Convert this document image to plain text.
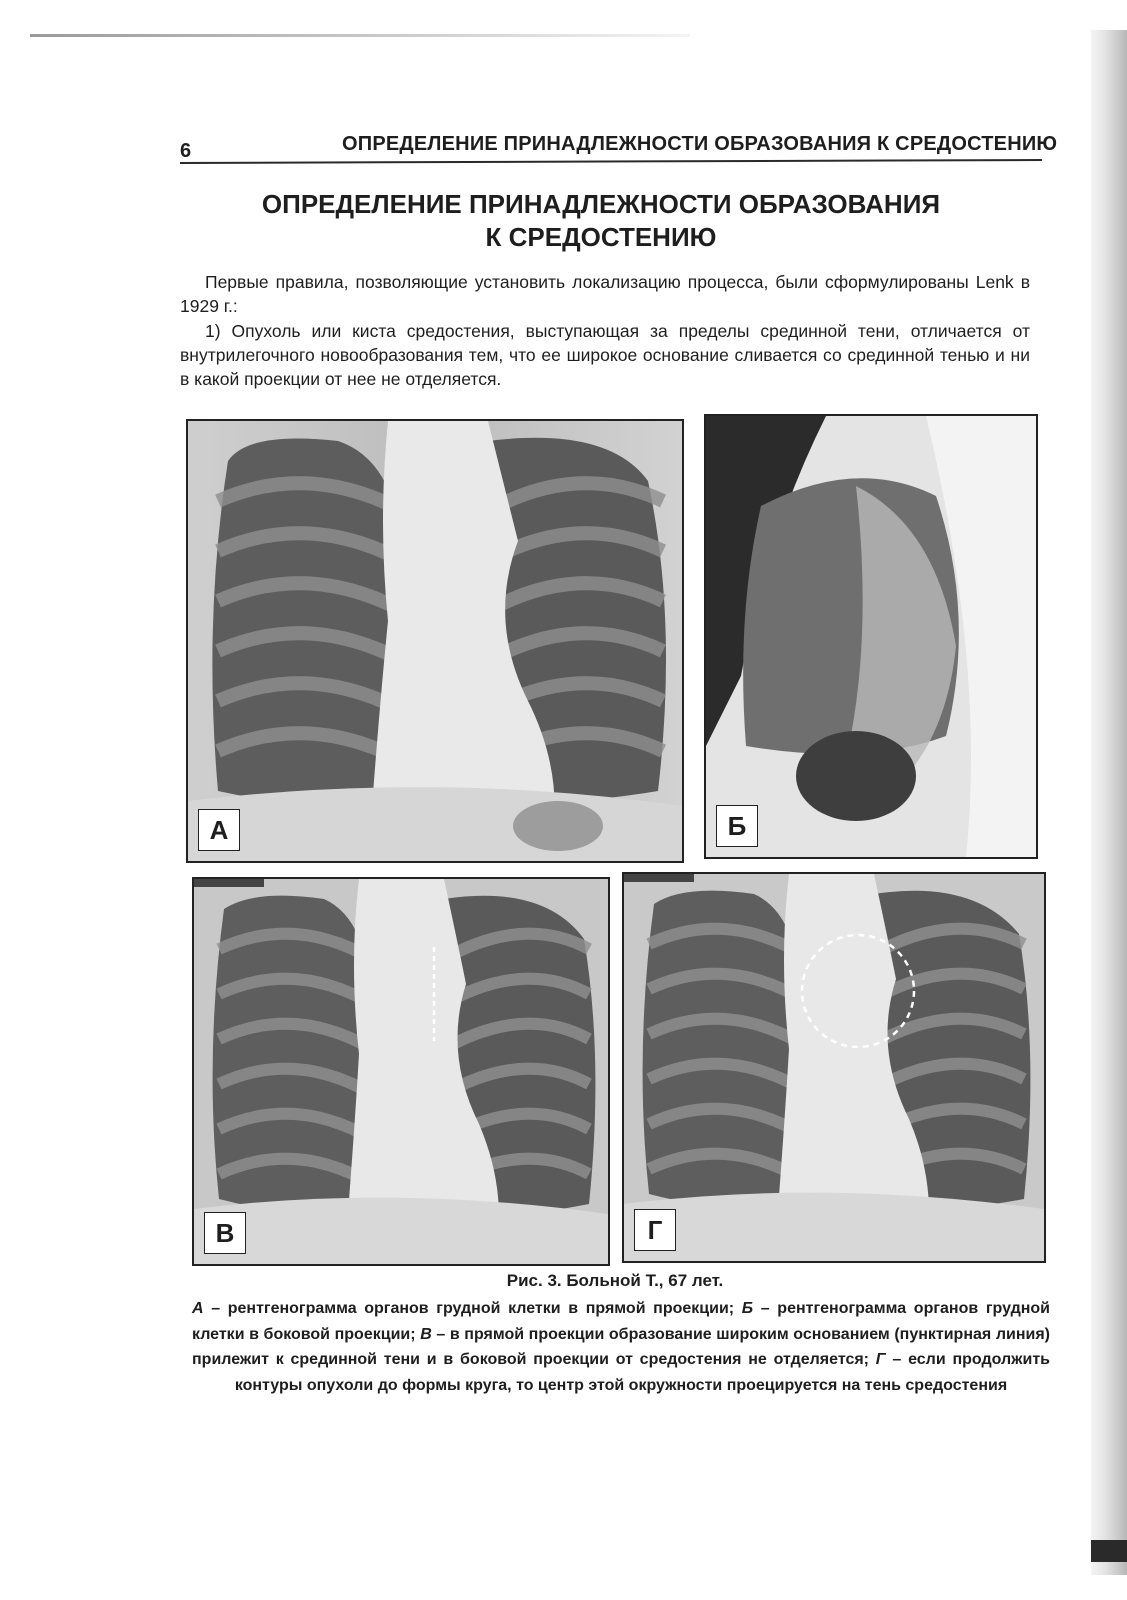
6	ОПРЕДЕЛЕНИЕ ПРИНАДЛЕЖНОСТИ ОБРАЗОВАНИЯ К СРЕДОСТЕНИЮ
ОПРЕДЕЛЕНИЕ ПРИНАДЛЕЖНОСТИ ОБРАЗОВАНИЯ
К СРЕДОСТЕНИЮ
Первые правила, позволяющие установить локализацию процесса, были сформулированы Lenk в 1929 г.:
1) Опухоль или киста средостения, выступающая за пределы срединной тени, отличается от внутрилегочного новообразования тем, что ее широкое основание сливается со срединной тенью и ни в какой проекции от нее не отделяется.
А	Б
В	Г
Рис. 3. Больной Т., 67 лет.
А – рентгенограмма органов грудной клетки в прямой проекции; Б – рентгенограмма органов грудной клетки в боковой проекции; В – в прямой проекции образование широким основанием (пунктирная линия) прилежит к срединной тени и в боковой проекции от средостения не отделяется; Г – если продолжить контуры опухоли до формы круга, то центр этой окружности проецируется на тень средостения
